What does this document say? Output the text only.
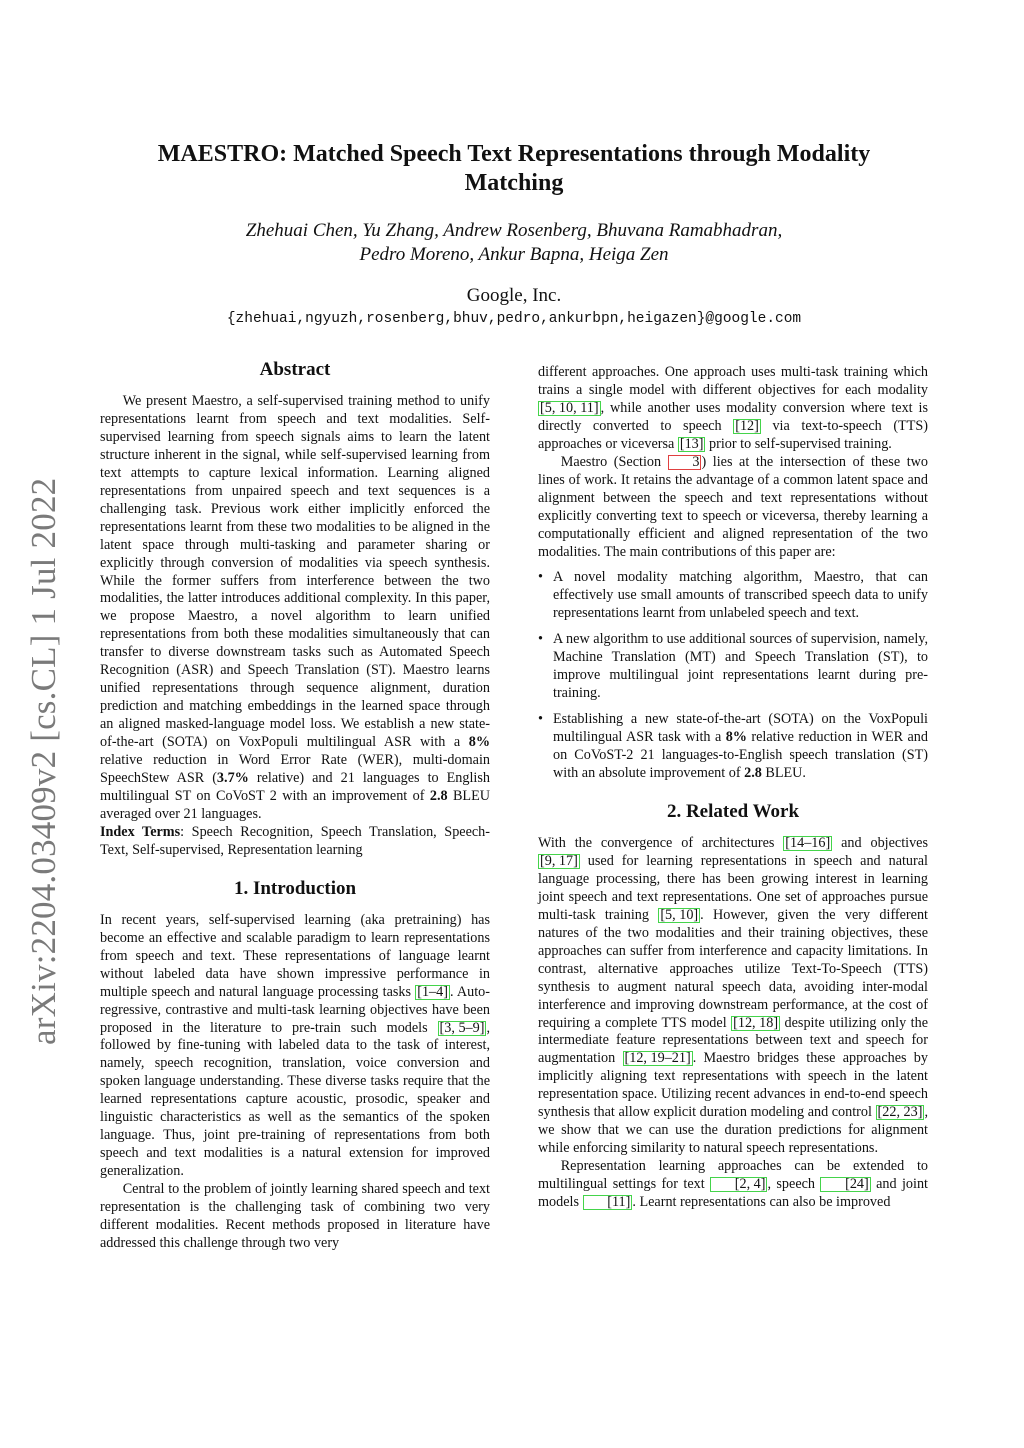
arXiv:2204.03409v2 [cs.CL] 1 Jul 2022
MAESTRO: Matched Speech Text Representations through Modality Matching
Zhehuai Chen, Yu Zhang, Andrew Rosenberg, Bhuvana Ramabhadran,
Pedro Moreno, Ankur Bapna, Heiga Zen
Google, Inc.
{zhehuai,ngyuzh,rosenberg,bhuv,pedro,ankurbpn,heigazen}@google.com
Abstract

We present Maestro, a self-supervised training method to unify representations learnt from speech and text modalities. Self-supervised learning from speech signals aims to learn the latent structure inherent in the signal, while self-supervised learning from text attempts to capture lexical information. Learning aligned representations from unpaired speech and text sequences is a challenging task. Previous work either implicitly enforced the representations learnt from these two modalities to be aligned in the latent space through multi-tasking and parameter sharing or explicitly through conversion of modalities via speech synthesis. While the former suffers from interference between the two modalities, the latter introduces additional complexity. In this paper, we propose Maestro, a novel algorithm to learn unified representations from both these modalities simultaneously that can transfer to diverse downstream tasks such as Automated Speech Recognition (ASR) and Speech Translation (ST). Maestro learns unified representations through sequence alignment, duration prediction and matching embeddings in the learned space through an aligned masked-language model loss. We establish a new state-of-the-art (SOTA) on VoxPopuli multilingual ASR with a 8% relative reduction in Word Error Rate (WER), multi-domain SpeechStew ASR (3.7% relative) and 21 languages to English multilingual ST on CoVoST 2 with an improvement of 2.8 BLEU averaged over 21 languages.

Index Terms: Speech Recognition, Speech Translation, Speech-Text, Self-supervised, Representation learning

1. Introduction

In recent years, self-supervised learning (aka pretraining) has become an effective and scalable paradigm to learn representations from speech and text. These representations of language learnt without labeled data have shown impressive performance in multiple speech and natural language processing tasks [1–4] . Auto-regressive, contrastive and multi-task learning objectives have been proposed in the literature to pre-train such models [3, 5–9] , followed by fine-tuning with labeled data to the task of interest, namely, speech recognition, translation, voice conversion and spoken language understanding. These diverse tasks require that the learned representations capture acoustic, prosodic, speaker and linguistic characteristics as well as the semantics of the spoken language. Thus, joint pre-training of representations from both speech and text modalities is a natural extension for improved generalization.

Central to the problem of jointly learning shared speech and text representation is the challenging task of combining two very different modalities. Recent methods proposed in literature have addressed this challenge through two very

different approaches. One approach uses multi-task training which trains a single model with different objectives for each modality [5, 10, 11] , while another uses modality conversion where text is directly converted to speech [12] via text-to-speech (TTS) approaches or viceversa [13] prior to self-supervised training.

Maestro (Section 3 ) lies at the intersection of these two lines of work. It retains the advantage of a common latent space and alignment between the speech and text representations without explicitly converting text to speech or viceversa, thereby learning a computationally efficient and aligned representation of the two modalities. The main contributions of this paper are:

• A novel modality matching algorithm, Maestro, that can effectively use small amounts of transcribed speech data to unify representations learnt from unlabeled speech and text.
• A new algorithm to use additional sources of supervision, namely, Machine Translation (MT) and Speech Translation (ST), to improve multilingual joint representations learnt during pre-training.
• Establishing a new state-of-the-art (SOTA) on the VoxPopuli multilingual ASR task with a 8% relative reduction in WER and on CoVoST-2 21 languages-to-English speech translation (ST) with an absolute improvement of 2.8 BLEU.
2. Related Work

With the convergence of architectures [14–16] and objectives [9, 17] used for learning representations in speech and natural language processing, there has been growing interest in learning joint speech and text representations. One set of approaches pursue multi-task training [5, 10] . However, given the very different natures of the two modalities and their training objectives, these approaches can suffer from interference and capacity limitations. In contrast, alternative approaches utilize Text-To-Speech (TTS) synthesis to augment natural speech data, avoiding inter-modal interference and improving downstream performance, at the cost of requiring a complete TTS model [12, 18] despite utilizing only the intermediate feature representations between text and speech for augmentation [12, 19–21] . Maestro bridges these approaches by implicitly aligning text representations with speech in the latent representation space. Utilizing recent advances in end-to-end speech synthesis that allow explicit duration modeling and control [22, 23] , we show that we can use the duration predictions for alignment while enforcing similarity to natural speech representations.

Representation learning approaches can be extended to multilingual settings for text [2, 4] , speech [24] and joint models [11] . Learnt representations can also be improved
